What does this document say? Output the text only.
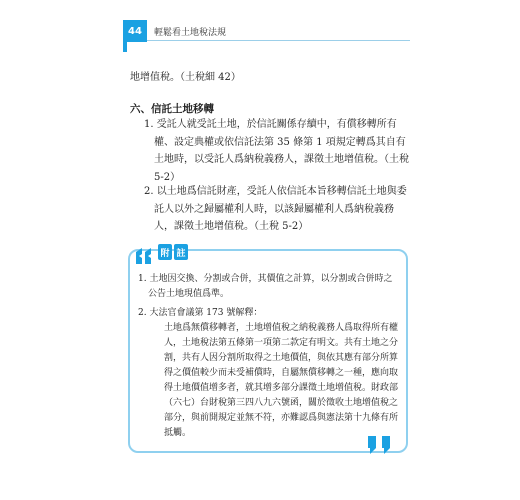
44	輕鬆看土地稅法規
地增值稅。（土稅細 42）
六、信託土地移轉
1. 受託人就受託土地，於信託關係存續中，有償移轉所有權、設定典權或依信託法第 35 條第 1 項規定轉爲其自有土地時，以受託人爲納稅義務人，課徵土地增值稅。（土稅 5-2）
2. 以土地爲信託財產，受託人依信託本旨移轉信託土地與委託人以外之歸屬權利人時，以該歸屬權利人爲納稅義務人，課徵土地增值稅。（土稅 5-2）
附 註
1. 土地因交換、分割或合併，其價值之計算，以分割或合併時之公告土地現值爲準。
2. 大法官會議第 173 號解釋：
土地爲無償移轉者，土地增值稅之納稅義務人爲取得所有權人，土地稅法第五條第一項第二款定有明文。共有土地之分割，共有人因分割所取得之土地價值，與依其應有部分所算得之價值較少而未受補償時，自屬無償移轉之一種，應向取得土地價值增多者，就其增多部分課徵土地增值稅。財政部（六七）台財稅第三四八九六號函，關於徵收土地增值稅之部分，與前開規定並無不符，亦難認爲與憲法第十九條有所抵觸。
